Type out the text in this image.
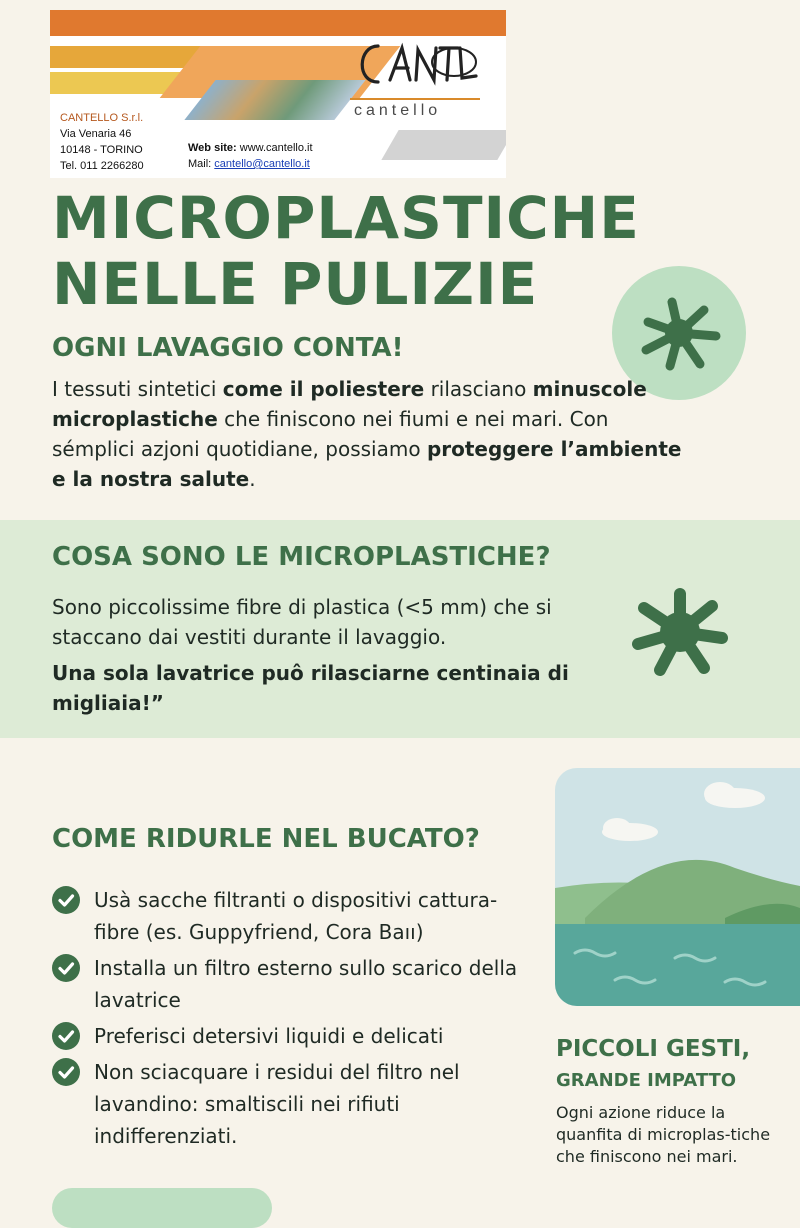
cantello
CANTELLO S.r.l.
Via Venaria 46
10148 - TORINO
Tel. 011 2266280
Web site: www.cantello.it
Mail: cantello@cantello.it
MICROPLASTICHE
NELLE PULIZIE
OGNI LAVAGGIO CONTA!

I tessuti sintetici come il poliestere rilasciano minuscole microplastiche che finiscono nei fiumi e nei mari. Con sémplici azjoni quotidiane, possiamo proteggere l’ambiente e la nostra salute.

COSA SONO LE MICROPLASTICHE?

Sono piccolissime fibre di plastica (<5 mm) che si staccano dai vestiti durante il lavaggio.

Una sola lavatrice puô rilasciarne centinaia di migliaia!”

COME RIDURLE NEL BUCATO?
Usà sacche filtranti o dispositivi cattura-fibre (es. Guppyfriend, Cora Baıı)
Installa un filtro esterno sullo scarico della lavatrice
Preferisci detersivi liquidi e delicati
Non sciacquare i residui del filtro nel lavandino: smaltiscili nei rifiuti indifferenziati.
PICCOLI GESTI,
GRANDE IMPATTO

Ogni azione riduce la quanfita di microplas-tiche che finiscono nei mari.
